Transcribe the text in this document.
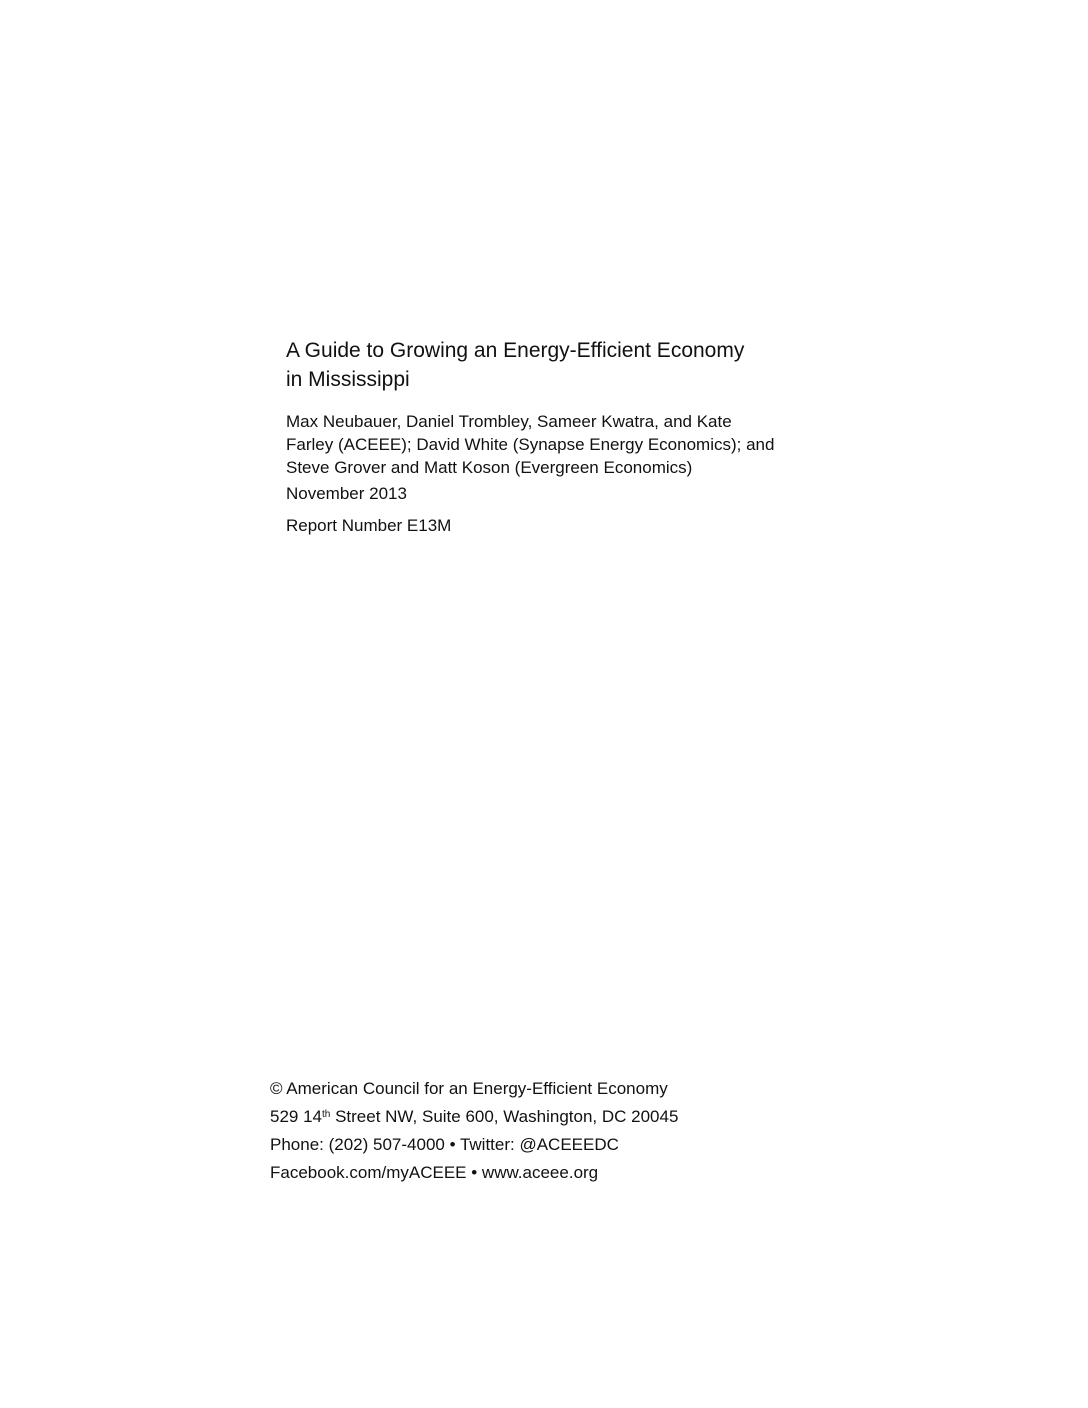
A Guide to Growing an Energy-Efficient Economy
in Mississippi

Max Neubauer, Daniel Trombley, Sameer Kwatra, and Kate
Farley (ACEEE); David White (Synapse Energy Economics); and
Steve Grover and Matt Koson (Evergreen Economics)

November 2013

Report Number E13M

© American Council for an Energy-Efficient Economy

529 14th Street NW, Suite 600, Washington, DC 20045

Phone: (202) 507-4000 • Twitter: @ACEEEDC

Facebook.com/myACEEE • www.aceee.org
